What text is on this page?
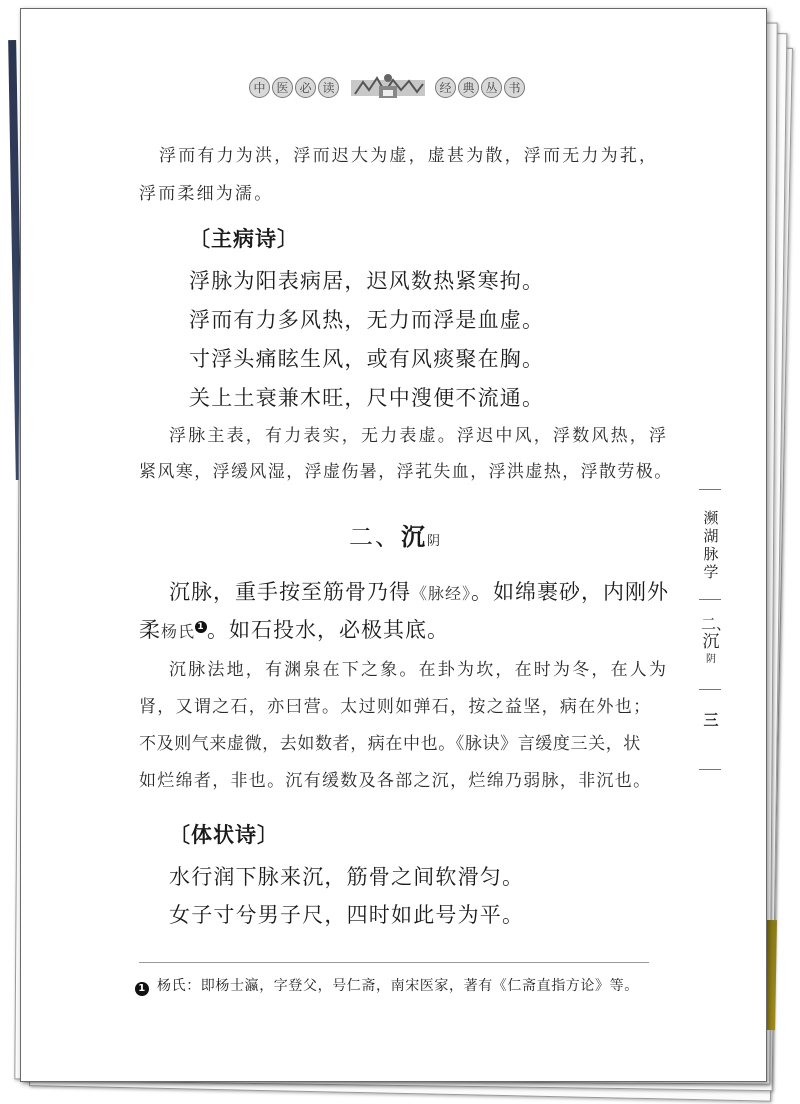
中 医 必 读	经 典 丛 书
浮而有力为洪，浮而迟大为虚，虚甚为散，浮而无力为芤，
浮而柔细为濡。
〔主病诗〕
浮脉为阳表病居，迟风数热紧寒拘。
浮而有力多风热，无力而浮是血虚。
寸浮头痛眩生风，或有风痰聚在胸。
关上土衰兼木旺，尺中溲便不流通。
浮脉主表，有力表实，无力表虚。浮迟中风，浮数风热，浮
紧风寒，浮缓风湿，浮虚伤暑，浮芤失血，浮洪虚热，浮散劳极。
二、沉阴
沉脉，重手按至筋骨乃得《脉经》。如绵裹砂，内刚外
柔杨氏 1 。如石投水，必极其底。
沉脉法地，有渊泉在下之象。在卦为坎，在时为冬，在人为
肾，又谓之石，亦曰营。太过则如弹石，按之益坚，病在外也；
不及则气来虚微，去如数者，病在中也。《脉诀》言缓度三关，状
如烂绵者，非也。沉有缓数及各部之沉，烂绵乃弱脉，非沉也。
〔体状诗〕
水行润下脉来沉，筋骨之间软滑匀。
女子寸兮男子尺，四时如此号为平。
1 杨氏：即杨士瀛，字登父，号仁斋，南宋医家，著有《仁斋直指方论》等。
濒湖脉学
二、
沉
阴
三
